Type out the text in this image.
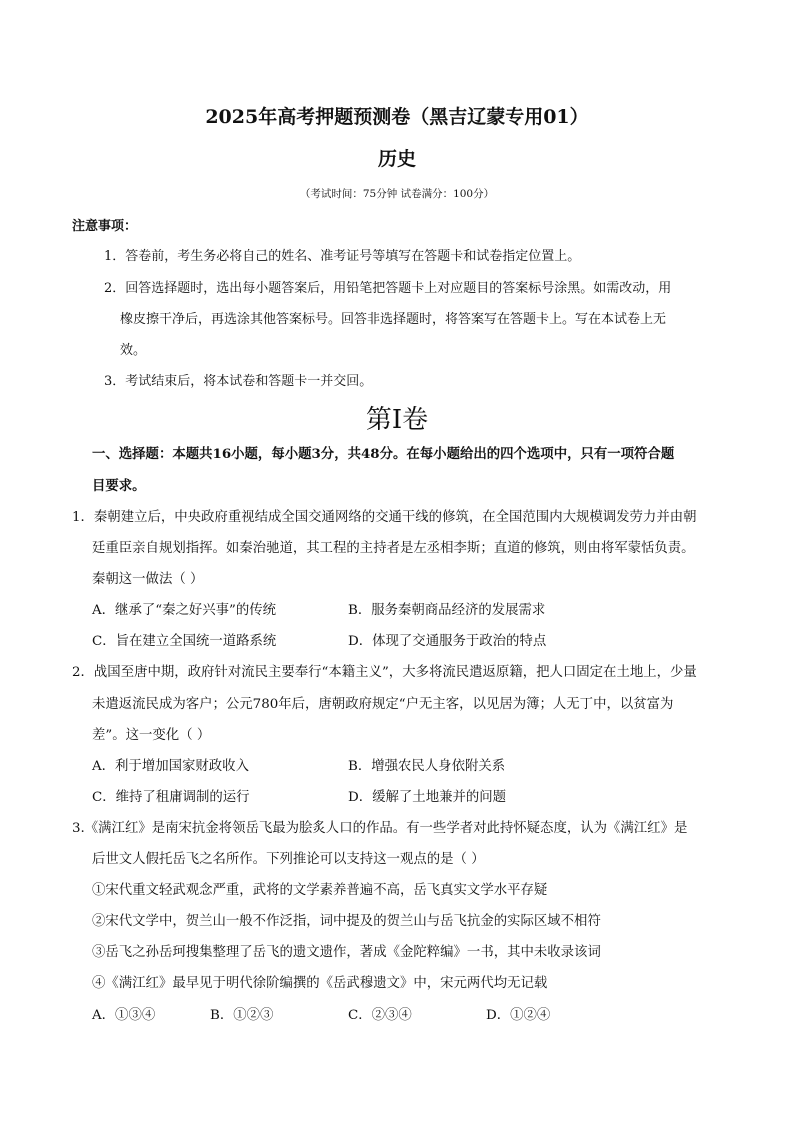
2025年高考押题预测卷（黑吉辽蒙专用01）
历史
（考试时间：75分钟 试卷满分：100分）
注意事项：
1．答卷前，考生务必将自己的姓名、准考证号等填写在答题卡和试卷指定位置上。
2．回答选择题时，选出每小题答案后，用铅笔把答题卡上对应题目的答案标号涂黑。如需改动，用
橡皮擦干净后，再选涂其他答案标号。回答非选择题时，将答案写在答题卡上。写在本试卷上无
效。
3．考试结束后，将本试卷和答题卡一并交回。
第Ⅰ卷
一、选择题：本题共16小题，每小题3分，共48分。在每小题给出的四个选项中，只有一项符合题
目要求。
1．秦朝建立后，中央政府重视结成全国交通网络的交通干线的修筑，在全国范围内大规模调发劳力并由朝
廷重臣亲自规划指挥。如秦治驰道，其工程的主持者是左丞相李斯；直道的修筑，则由将军蒙恬负责。
秦朝这一做法（ ）
A．继承了“秦之好兴事”的传统	B．服务秦朝商品经济的发展需求
C．旨在建立全国统一道路系统	D．体现了交通服务于政治的特点
2．战国至唐中期，政府针对流民主要奉行“本籍主义”，大多将流民遣返原籍，把人口固定在土地上，少量
未遣返流民成为客户；公元780年后，唐朝政府规定“户无主客，以见居为簿；人无丁中，以贫富为
差”。这一变化（ ）
A．利于增加国家财政收入	B．增强农民人身依附关系
C．维持了租庸调制的运行	D．缓解了土地兼并的问题
3.《满江红》是南宋抗金将领岳飞最为脍炙人口的作品。有一些学者对此持怀疑态度，认为《满江红》是
后世文人假托岳飞之名所作。下列推论可以支持这一观点的是（ ）
①宋代重文轻武观念严重，武将的文学素养普遍不高，岳飞真实文学水平存疑
②宋代文学中，贺兰山一般不作泛指，词中提及的贺兰山与岳飞抗金的实际区域不相符
③岳飞之孙岳珂搜集整理了岳飞的遗文遗作，著成《金陀粹编》一书，其中未收录该词
④《满江红》最早见于明代徐阶编撰的《岳武穆遗文》中，宋元两代均无记载
A．①③④	B．①②③	C．②③④	D．①②④
